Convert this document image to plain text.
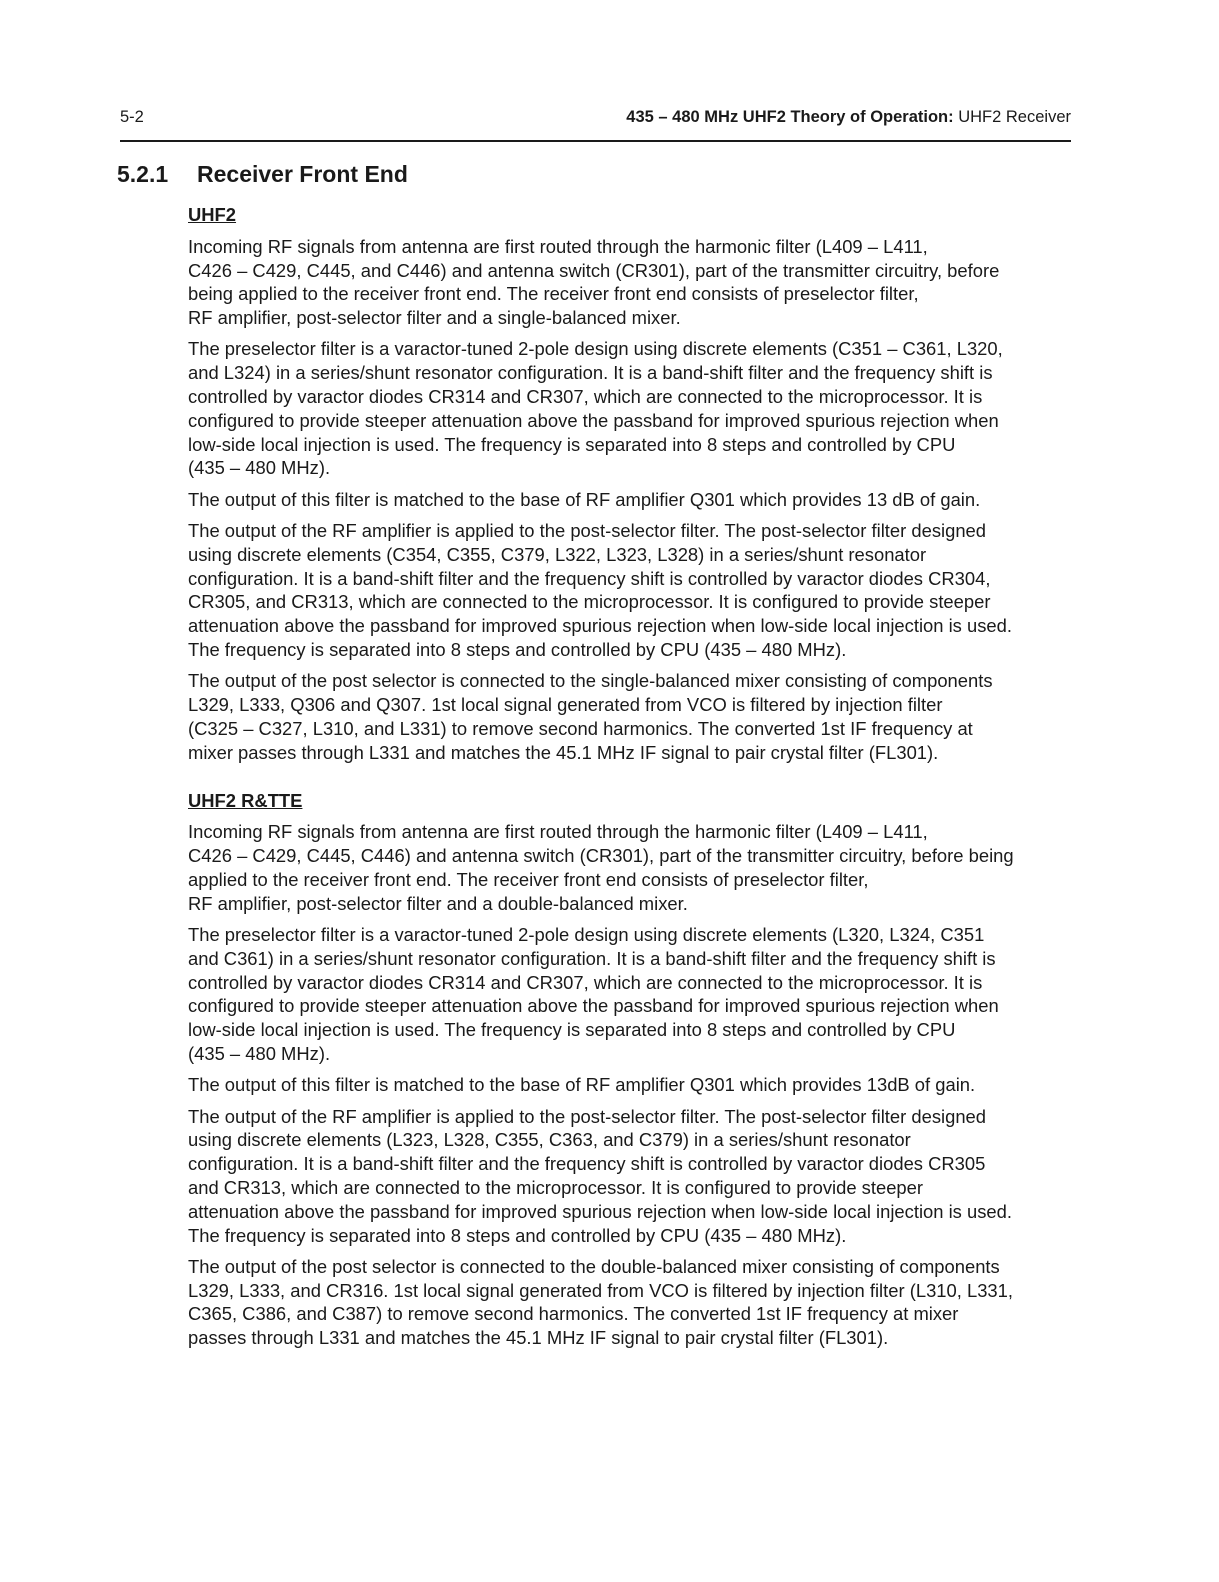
5-2	435 – 480 MHz UHF2 Theory of Operation: UHF2 Receiver
5.2.1 Receiver Front End
UHF2
Incoming RF signals from antenna are first routed through the harmonic filter (L409 – L411,
C426 – C429, C445, and C446) and antenna switch (CR301), part of the transmitter circuitry, before
being applied to the receiver front end. The receiver front end consists of preselector filter,
RF amplifier, post-selector filter and a single-balanced mixer.
The preselector filter is a varactor-tuned 2-pole design using discrete elements (C351 – C361, L320,
and L324) in a series/shunt resonator configuration. It is a band-shift filter and the frequency shift is
controlled by varactor diodes CR314 and CR307, which are connected to the microprocessor. It is
configured to provide steeper attenuation above the passband for improved spurious rejection when
low-side local injection is used. The frequency is separated into 8 steps and controlled by CPU
(435 – 480 MHz).
The output of this filter is matched to the base of RF amplifier Q301 which provides 13 dB of gain.
The output of the RF amplifier is applied to the post-selector filter. The post-selector filter designed
using discrete elements (C354, C355, C379, L322, L323, L328) in a series/shunt resonator
configuration. It is a band-shift filter and the frequency shift is controlled by varactor diodes CR304,
CR305, and CR313, which are connected to the microprocessor. It is configured to provide steeper
attenuation above the passband for improved spurious rejection when low-side local injection is used.
The frequency is separated into 8 steps and controlled by CPU (435 – 480 MHz).
The output of the post selector is connected to the single-balanced mixer consisting of components
L329, L333, Q306 and Q307. 1st local signal generated from VCO is filtered by injection filter
(C325 – C327, L310, and L331) to remove second harmonics. The converted 1st IF frequency at
mixer passes through L331 and matches the 45.1 MHz IF signal to pair crystal filter (FL301).
UHF2 R&TTE
Incoming RF signals from antenna are first routed through the harmonic filter (L409 – L411,
C426 – C429, C445, C446) and antenna switch (CR301), part of the transmitter circuitry, before being
applied to the receiver front end. The receiver front end consists of preselector filter,
RF amplifier, post-selector filter and a double-balanced mixer.
The preselector filter is a varactor-tuned 2-pole design using discrete elements (L320, L324, C351
and C361) in a series/shunt resonator configuration. It is a band-shift filter and the frequency shift is
controlled by varactor diodes CR314 and CR307, which are connected to the microprocessor. It is
configured to provide steeper attenuation above the passband for improved spurious rejection when
low-side local injection is used. The frequency is separated into 8 steps and controlled by CPU
(435 – 480 MHz).
The output of this filter is matched to the base of RF amplifier Q301 which provides 13dB of gain.
The output of the RF amplifier is applied to the post-selector filter. The post-selector filter designed
using discrete elements (L323, L328, C355, C363, and C379) in a series/shunt resonator
configuration. It is a band-shift filter and the frequency shift is controlled by varactor diodes CR305
and CR313, which are connected to the microprocessor. It is configured to provide steeper
attenuation above the passband for improved spurious rejection when low-side local injection is used.
The frequency is separated into 8 steps and controlled by CPU (435 – 480 MHz).
The output of the post selector is connected to the double-balanced mixer consisting of components
L329, L333, and CR316. 1st local signal generated from VCO is filtered by injection filter (L310, L331,
C365, C386, and C387) to remove second harmonics. The converted 1st IF frequency at mixer
passes through L331 and matches the 45.1 MHz IF signal to pair crystal filter (FL301).
